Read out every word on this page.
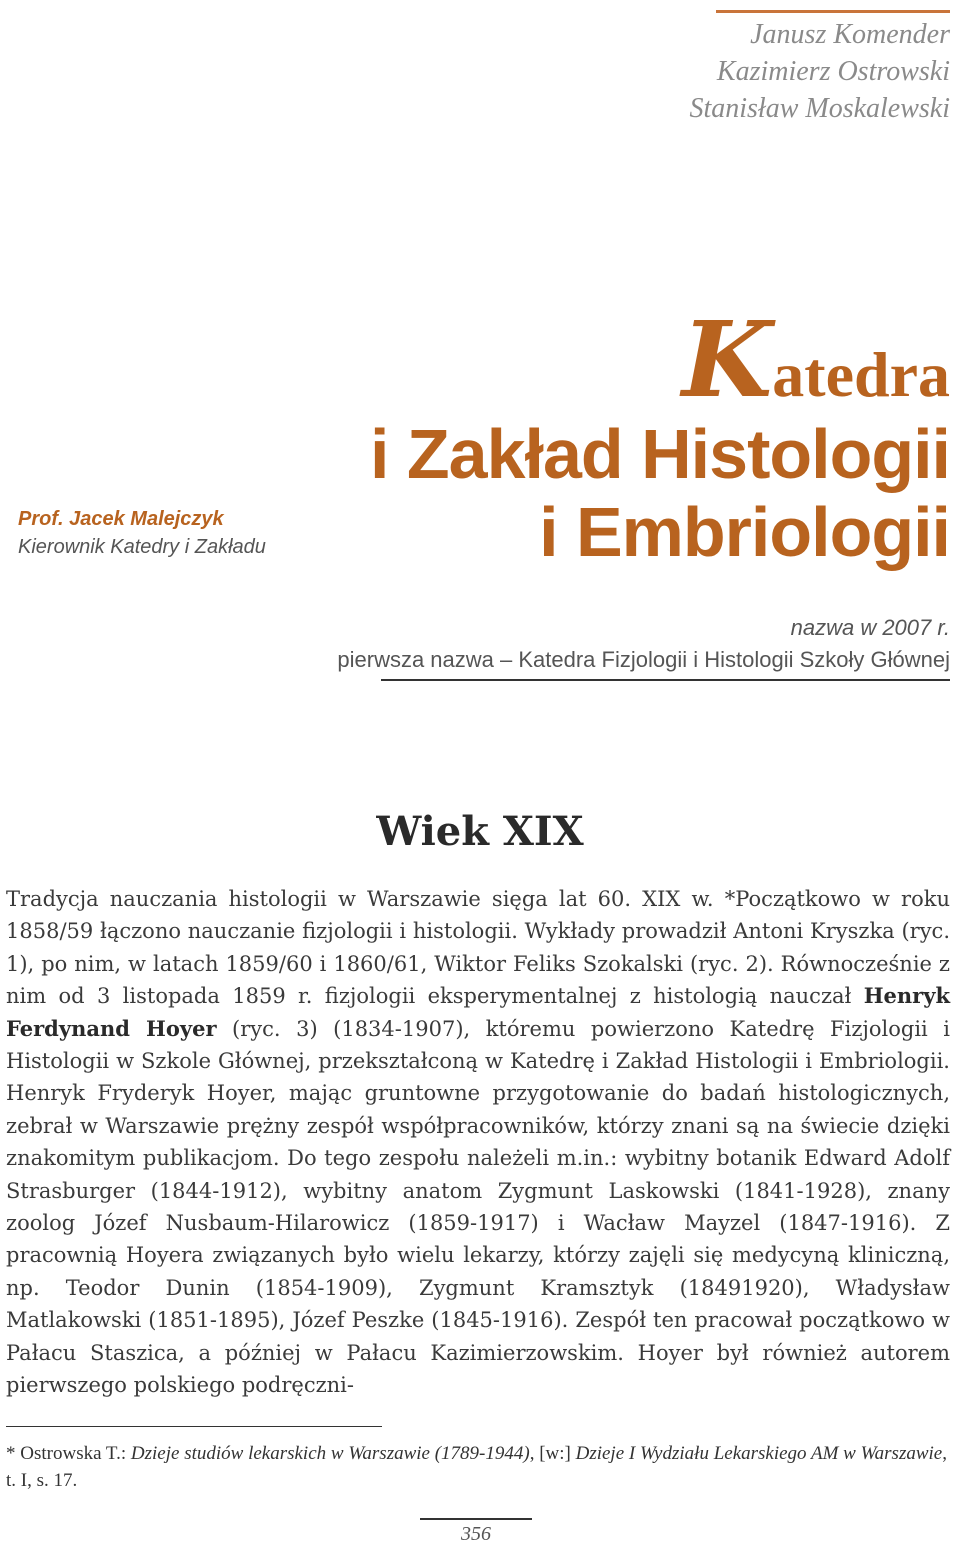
Janusz Komender
Kazimierz Ostrowski
Stanisław Moskalewski
Katedra
i Zakład Histologii
i Embriologii
Prof. Jacek Malejczyk
Kierownik Katedry i Zakładu
nazwa w 2007 r.
pierwsza nazwa – Katedra Fizjologii i Histologii Szkoły Głównej
Wiek XIX
Tradycja nauczania histologii w Warszawie sięga lat 60. XIX w. *Początkowo w roku 1858/59 łączono nauczanie fizjologii i histologii. Wykłady prowadził Antoni Kryszka (ryc. 1), po nim, w latach 1859/60 i 1860/61, Wiktor Feliks Szokalski (ryc. 2). Równocześnie z nim od 3 listopada 1859 r. fizjologii eksperymentalnej z histologią nauczał Henryk Ferdynand Hoyer (ryc. 3) (1834-1907), któremu powierzono Katedrę Fizjologii i Histologii w Szkole Głównej, przekształconą w Katedrę i Zakład Histologii i Embriologii. Henryk Fryderyk Hoyer, mając gruntowne przygotowanie do badań histologicznych, zebrał w Warszawie prężny zespół współpracowników, którzy znani są na świecie dzięki znakomitym publikacjom. Do tego zespołu należeli m.in.: wybitny botanik Edward Adolf Strasburger (1844-1912), wybitny anatom Zygmunt Laskowski (1841-1928), znany zoolog Józef Nusbaum-Hilarowicz (1859-1917) i Wacław Mayzel (1847-1916). Z pracownią Hoyera związanych było wielu lekarzy, którzy zajęli się medycyną kliniczną, np. Teodor Dunin (1854-1909), Zygmunt Kramsztyk (18491920), Władysław Matlakowski (1851-1895), Józef Peszke (1845-1916). Zespół ten pracował początkowo w Pałacu Staszica, a później w Pałacu Kazimierzowskim. Hoyer był również autorem pierwszego polskiego podręczni-
* Ostrowska T.: Dzieje studiów lekarskich w Warszawie (1789-1944), [w:] Dzieje I Wydziału Lekarskiego AM w Warszawie, t. I, s. 17.
356
